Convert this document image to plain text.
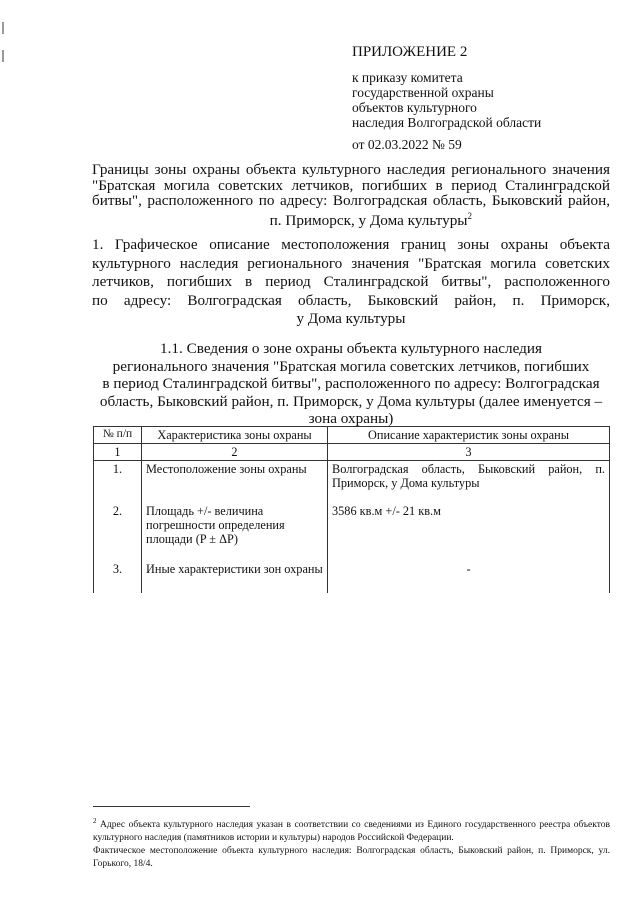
ПРИЛОЖЕНИЕ 2
к приказу комитета
государственной охраны
объектов культурного
наследия Волгоградской области
от 02.03.2022 № 59
Границы зоны охраны объекта культурного наследия регионального значения
"Братская могила советских летчиков, погибших в период Сталинградской
битвы", расположенного по адресу: Волгоградская область, Быковский район,
п. Приморск, у Дома культуры$^2$
1. Графическое описание местоположения границ зоны охраны объекта
культурного наследия регионального значения "Братская могила советских
летчиков, погибших в период Сталинградской битвы", расположенного
по адресу: Волгоградская область, Быковский район, п. Приморск,
у Дома культуры
1.1. Сведения о зоне охраны объекта культурного наследия
регионального значения "Братская могила советских летчиков, погибших
в период Сталинградской битвы", расположенного по адресу: Волгоградская
область, Быковский район, п. Приморск, у Дома культуры (далее именуется –
зона охраны)
№ п/п	Характеристика зоны охраны	Описание характеристик зоны охраны
1	2	3
1.	Местоположение зоны охраны	Волгоградская область, Быковский район, п. Приморск, у Дома культуры
2.	Площадь +/- величина погрешности определения площади (P ± ΔP)	3586 кв.м +/- 21 кв.м
3.	Иные характеристики зон охраны	-
$^2$ Адрес объекта культурного наследия указан в соответствии со сведениями из Единого государственного реестра объектов культурного наследия (памятников истории и культуры) народов Российской Федерации.
Фактическое местоположение объекта культурного наследия: Волгоградская область, Быковский район, п. Приморск, ул. Горького, 18/4.
